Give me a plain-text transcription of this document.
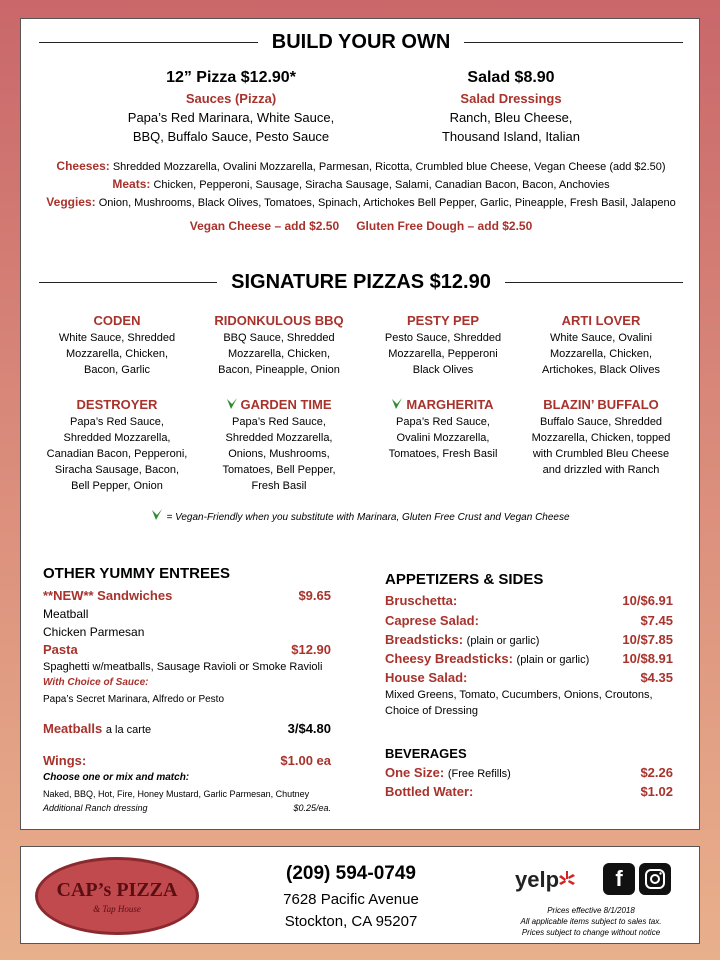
BUILD YOUR OWN
12” Pizza $12.90*
Sauces (Pizza)
Papa’s Red Marinara, White Sauce,
BBQ, Buffalo Sauce, Pesto Sauce
Salad $8.90
Salad Dressings
Ranch, Bleu Cheese,
Thousand Island, Italian
Cheeses: Shredded Mozzarella, Ovalini Mozzarella, Parmesan, Ricotta, Crumbled blue Cheese, Vegan Cheese (add $2.50)
Meats: Chicken, Pepperoni, Sausage, Siracha Sausage, Salami, Canadian Bacon, Bacon, Anchovies
Veggies: Onion, Mushrooms, Black Olives, Tomatoes, Spinach, Artichokes Bell Pepper, Garlic, Pineapple, Fresh Basil, Jalapeno
Vegan Cheese – add $2.50 Gluten Free Dough – add $2.50
SIGNATURE PIZZAS $12.90
CODEN
White Sauce, Shredded
Mozzarella, Chicken,
Bacon, Garlic
RIDONKULOUS BBQ
BBQ Sauce, Shredded
Mozzarella, Chicken,
Bacon, Pineapple, Onion
PESTY PEP
Pesto Sauce, Shredded
Mozzarella, Pepperoni
Black Olives
ARTI LOVER
White Sauce, Ovalini
Mozzarella, Chicken,
Artichokes, Black Olives
DESTROYER
Papa’s Red Sauce,
Shredded Mozzarella,
Canadian Bacon, Pepperoni,
Siracha Sausage, Bacon,
Bell Pepper, Onion
GARDEN TIME
Papa’s Red Sauce,
Shredded Mozzarella,
Onions, Mushrooms,
Tomatoes, Bell Pepper,
Fresh Basil
MARGHERITA
Papa’s Red Sauce,
Ovalini Mozzarella,
Tomatoes, Fresh Basil
BLAZIN’ BUFFALO
Buffalo Sauce, Shredded
Mozzarella, Chicken, topped
with Crumbled Bleu Cheese
and drizzled with Ranch
= Vegan-Friendly when you substitute with Marinara, Gluten Free Crust and Vegan Cheese
OTHER YUMMY ENTREES
**NEW** Sandwiches	$9.65
Meatball
Chicken Parmesan
Pasta	$12.90
Spaghetti w/meatballs, Sausage Ravioli or Smoke Ravioli
With Choice of Sauce:
Papa’s Secret Marinara, Alfredo or Pesto
Meatballs a la carte	3/$4.80
Wings:	$1.00 ea
Choose one or mix and match:
Naked, BBQ, Hot, Fire, Honey Mustard, Garlic Parmesan, Chutney
Additional Ranch dressing	$0.25/ea.
APPETIZERS & SIDES
Bruschetta:	10/$6.91
Caprese Salad:	$7.45
Breadsticks: (plain or garlic)	10/$7.85
Cheesy Breadsticks: (plain or garlic)	10/$8.91
House Salad:	$4.35
Mixed Greens, Tomato, Cucumbers, Onions, Croutons,
Choice of Dressing
BEVERAGES
One Size: (Free Refills)	$2.26
Bottled Water:	$1.02
CAP’s PIZZA
& Tap House
(209) 594-0749
7628 Pacific Avenue
Stockton, CA 95207
yelp	f
Prices effective 8/1/2018
All applicable items subject to sales tax.
Prices subject to change without notice
